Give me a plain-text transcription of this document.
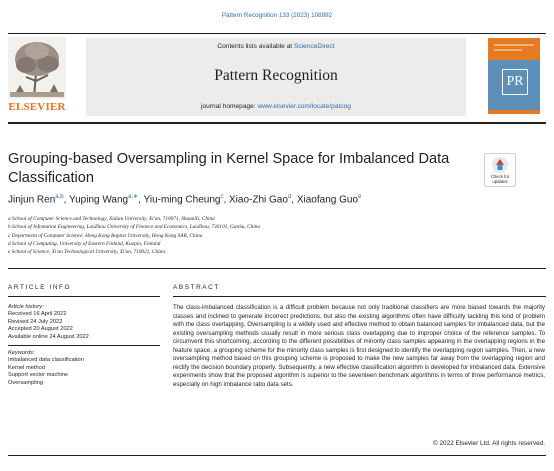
Pattern Recognition 133 (2023) 108992
ELSEVIER
Contents lists available at ScienceDirect
Pattern Recognition
journal homepage: www.elsevier.com/locate/patcog
PR
Grouping-based Oversampling in Kernel Space for Imbalanced Data Classification	Check for
updates
Jinjun Ren$^{a,b}$, Yuping Wang$^{a,∗}$, Yiu-ming Cheung$^c$, Xiao-Zhi Gao$^d$, Xiaofang Guo$^e$
a School of Computer Science and Technology, Xidian University, Xi'an, 710071, ShaanXi, China
b School of Infomation Engineering, LanZhou University of Finance and Economics, LanZhou, 730101, GanSu, China
c Department of Computer Science, Hong Kong Baptist University, Hong Kong SAR, China
d School of Computing, University of Eastern Finland, Kuopio, Finland
e School of Science, Xi'an Technological University, Xi'an, 710021, China
ARTICLE INFO	ABSTRACT
Article history:
Received 16 April 2022
Revised 24 July 2022
Accepted 20 August 2022
Available online 24 August 2022
Keywords:
Imbalanced data classification
Kernel method
Support vector machine
Oversampling
The class-imbalanced classification is a difficult problem because not only traditional classifiers are more biased towards the majority classes and inclined to generate incorrect predictions, but also the existing algorithms often have difficulty tackling this kind of problem with the class overlapping. Oversampling is a widely used and effective method to obtain balanced samples for imbalanced data, but the existing oversampling methods usually result in more serious class overlapping due to improper choice of the reference samples. To circumvent this shortcoming, according to the different possibilities of minority class samples appearing in the overlapping regions in the feature space, a grouping scheme for the minority class samples is first designed to identify the overlapping region samples. Then, a new oversampling method based on this grouping scheme is proposed to make the new samples far away from the overlapping region and rectify the decision boundary properly. Subsequently, a new effective classification algorithm is developed for imbalanced data. Extensive experiments show that the proposed algorithm is superior to the seventeen benchmark algorithms in terms of three performance metrics, especially on high imbalance ratio data sets.
© 2022 Elsevier Ltd. All rights reserved.
